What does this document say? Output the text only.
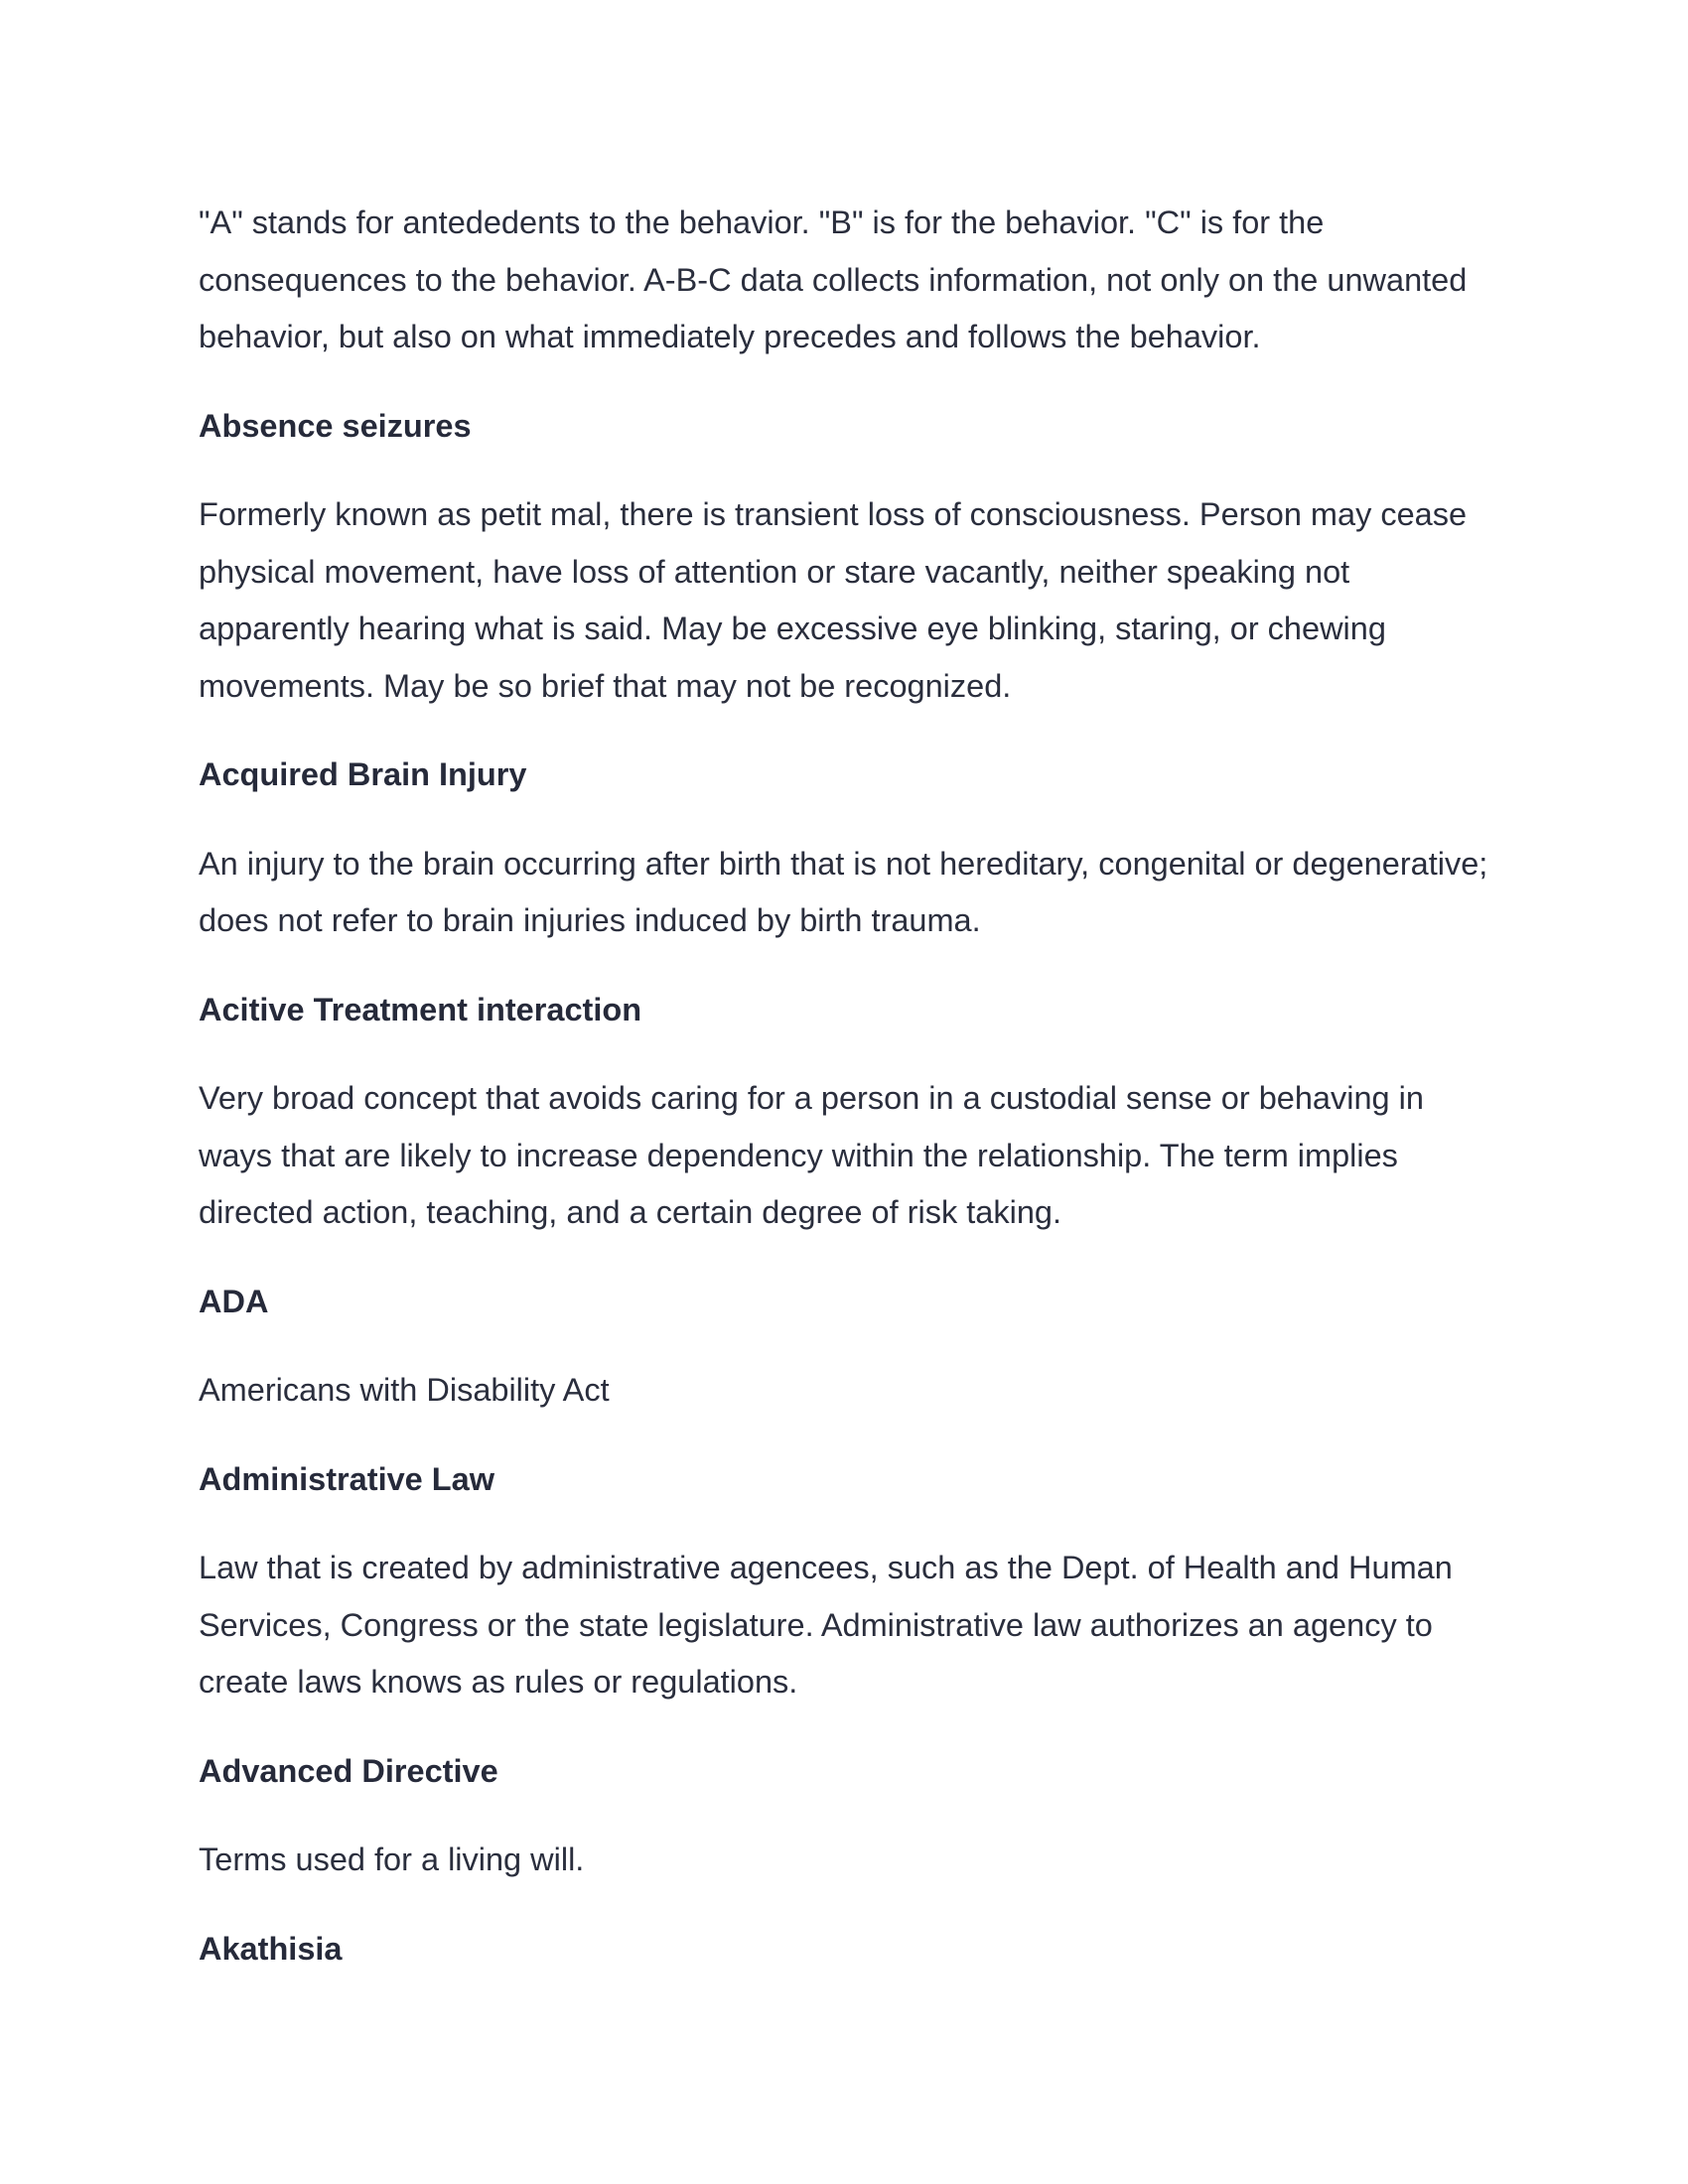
"A" stands for antededents to the behavior. "B" is for the behavior. "C" is for the consequences to the behavior. A-B-C data collects information, not only on the unwanted behavior, but also on what immediately precedes and follows the behavior.

Absence seizures

Formerly known as petit mal, there is transient loss of consciousness. Person may cease physical movement, have loss of attention or stare vacantly, neither speaking not apparently hearing what is said. May be excessive eye blinking, staring, or chewing movements. May be so brief that may not be recognized.

Acquired Brain Injury

An injury to the brain occurring after birth that is not hereditary, congenital or degenerative; does not refer to brain injuries induced by birth trauma.

Acitive Treatment interaction

Very broad concept that avoids caring for a person in a custodial sense or behaving in ways that are likely to increase dependency within the relationship. The term implies directed action, teaching, and a certain degree of risk taking.

ADA

Americans with Disability Act

Administrative Law

Law that is created by administrative agencees, such as the Dept. of Health and Human Services, Congress or the state legislature. Administrative law authorizes an agency to create laws knows as rules or regulations.

Advanced Directive

Terms used for a living will.

Akathisia
